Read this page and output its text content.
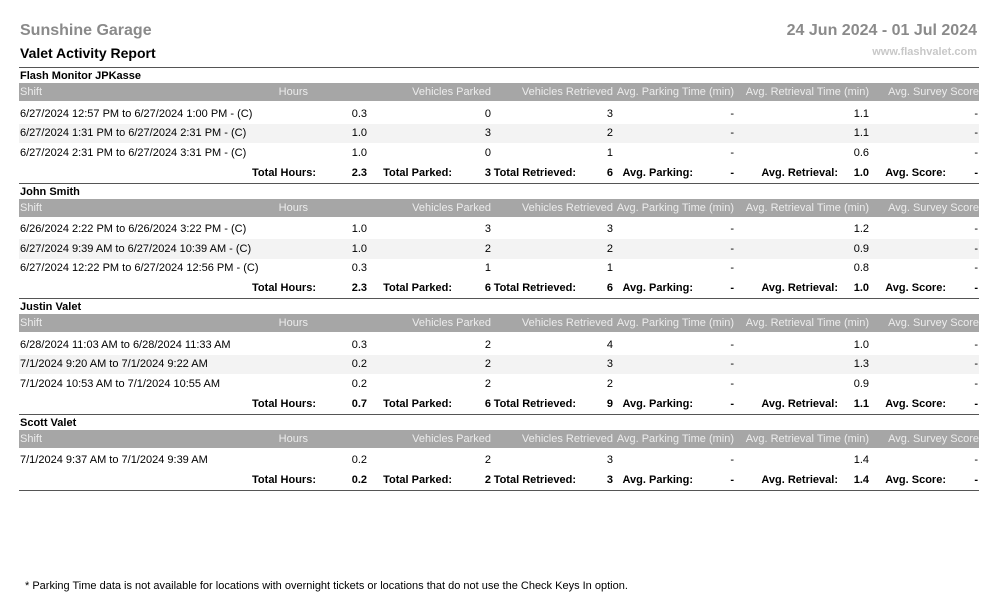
Sunshine Garage
Valet Activity Report
24 Jun 2024 - 01 Jul 2024
www.flashvalet.com
Flash Monitor JPKasse
Shift	Hours	Vehicles Parked	Vehicles Retrieved Avg. Parking Time (min) Avg. Retrieval Time (min) Avg. Survey Score
6/27/2024 12:57 PM to 6/27/2024 1:00 PM - (C)	0.3	0	3	-	1.1	-
6/27/2024 1:31 PM to 6/27/2024 2:31 PM - (C)	1.0	3	2	-	1.1	-
6/27/2024 2:31 PM to 6/27/2024 3:31 PM - (C)	1.0	0	1	-	0.6	-
Total Hours:	2.3 Total Parked:	3 Total Retrieved:	6 Avg. Parking:	- Avg. Retrieval: 1.0 Avg. Score:	-
John Smith
Shift	Hours	Vehicles Parked	Vehicles Retrieved Avg. Parking Time (min) Avg. Retrieval Time (min) Avg. Survey Score
6/26/2024 2:22 PM to 6/26/2024 3:22 PM - (C)	1.0	3	3	-	1.2	-
6/27/2024 9:39 AM to 6/27/2024 10:39 AM - (C)	1.0	2	2	-	0.9	-
6/27/2024 12:22 PM to 6/27/2024 12:56 PM - (C)	0.3	1	1	-	0.8	-
Total Hours:	2.3 Total Parked:	6 Total Retrieved:	6 Avg. Parking:	- Avg. Retrieval: 1.0 Avg. Score:	-
Justin Valet
Shift	Hours	Vehicles Parked	Vehicles Retrieved Avg. Parking Time (min) Avg. Retrieval Time (min) Avg. Survey Score
6/28/2024 11:03 AM to 6/28/2024 11:33 AM	0.3	2	4	-	1.0	-
7/1/2024 9:20 AM to 7/1/2024 9:22 AM	0.2	2	3	-	1.3	-
7/1/2024 10:53 AM to 7/1/2024 10:55 AM	0.2	2	2	-	0.9	-
Total Hours:	0.7 Total Parked:	6 Total Retrieved:	9 Avg. Parking:	- Avg. Retrieval: 1.1 Avg. Score:	-
Scott Valet
Shift	Hours	Vehicles Parked	Vehicles Retrieved Avg. Parking Time (min) Avg. Retrieval Time (min) Avg. Survey Score
7/1/2024 9:37 AM to 7/1/2024 9:39 AM	0.2	2	3	-	1.4	-
Total Hours:	0.2 Total Parked:	2 Total Retrieved:	3 Avg. Parking:	- Avg. Retrieval: 1.4 Avg. Score:	-
* Parking Time data is not available for locations with overnight tickets or locations that do not use the Check Keys In option.
